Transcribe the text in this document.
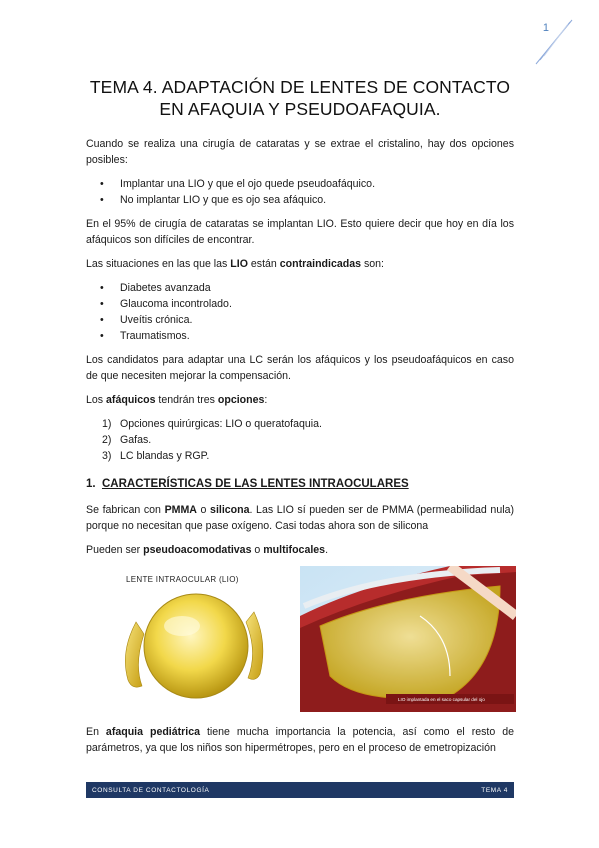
1
TEMA 4. ADAPTACIÓN DE LENTES DE CONTACTO
EN AFAQUIA Y PSEUDOAFAQUIA.

Cuando se realiza una cirugía de cataratas y se extrae el cristalino, hay dos opciones posibles:

• Implantar una LIO y que el ojo quede pseudoafáquico.
• No implantar LIO y que es ojo sea afáquico.

En el 95% de cirugía de cataratas se implantan LIO. Esto quiere decir que hoy en día los afáquicos son difíciles de encontrar.

Las situaciones en las que las LIO están contraindicadas son:

• Diabetes avanzada
• Glaucoma incontrolado.
• Uveítis crónica.
• Traumatismos.

Los candidatos para adaptar una LC serán los afáquicos y los pseudoafáquicos en caso de que necesiten mejorar la compensación.

Los afáquicos tendrán tres opciones:

1) Opciones quirúrgicas: LIO o queratofaquia.
2) Gafas.
3) LC blandas y RGP.
1. CARACTERÍSTICAS DE LAS LENTES INTRAOCULARES

Se fabrican con PMMA o silicona. Las LIO sí pueden ser de PMMA (permeabilidad nula) porque no necesitan que pase oxígeno. Casi todas ahora son de silicona

Pueden ser pseudoacomodativas o multifocales.

LENTE INTRAOCULAR (LIO)
LIO implantada en el saco capsular del ojo

En afaquia pediátrica tiene mucha importancia la potencia, así como el resto de parámetros, ya que los niños son hipermétropes, pero en el proceso de emetropización

CONSULTA DE CONTACTOLOGÍA	TEMA 4
